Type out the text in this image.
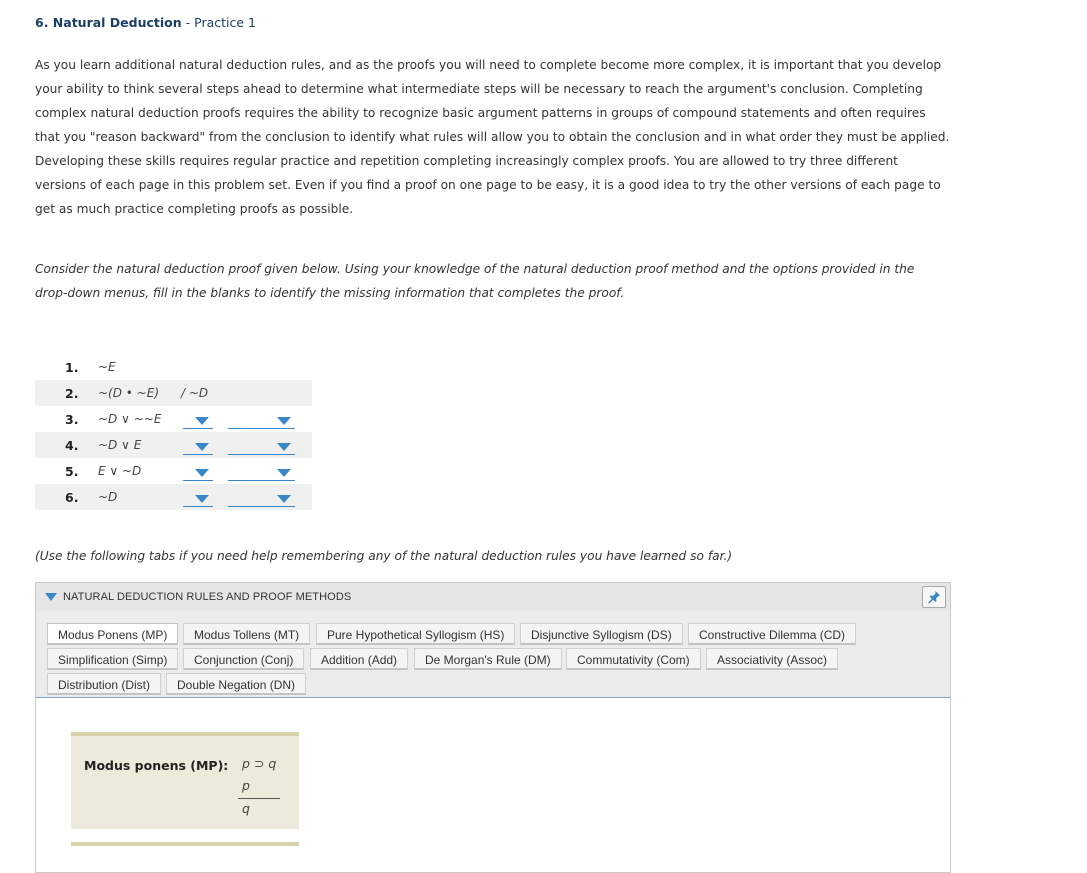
6. Natural Deduction - Practice 1
As you learn additional natural deduction rules, and as the proofs you will need to complete become more complex, it is important that you develop your ability to think several steps ahead to determine what intermediate steps will be necessary to reach the argument's conclusion. Completing complex natural deduction proofs requires the ability to recognize basic argument patterns in groups of compound statements and often requires that you "reason backward" from the conclusion to identify what rules will allow you to obtain the conclusion and in what order they must be applied. Developing these skills requires regular practice and repetition completing increasingly complex proofs. You are allowed to try three different versions of each page in this problem set. Even if you find a proof on one page to be easy, it is a good idea to try the other versions of each page to get as much practice completing proofs as possible.
Consider the natural deduction proof given below. Using your knowledge of the natural deduction proof method and the options provided in the drop-down menus, fill in the blanks to identify the missing information that completes the proof.
1. ~E
2. ~(D • ~E) / ~D
3. ~D ∨ ~~E
4. ~D ∨ E
5. E ∨ ~D
6. ~D
(Use the following tabs if you need help remembering any of the natural deduction rules you have learned so far.)
NATURAL DEDUCTION RULES AND PROOF METHODS
Modus Ponens (MP)	Modus Tollens (MT)	Pure Hypothetical Syllogism (HS)	Disjunctive Syllogism (DS)	Constructive Dilemma (CD)
Simplification (Simp)	Conjunction (Conj)	Addition (Add)	De Morgan's Rule (DM)	Commutativity (Com)	Associativity (Assoc)
Distribution (Dist)	Double Negation (DN)
Modus ponens (MP): p ⊃ q
p
q
